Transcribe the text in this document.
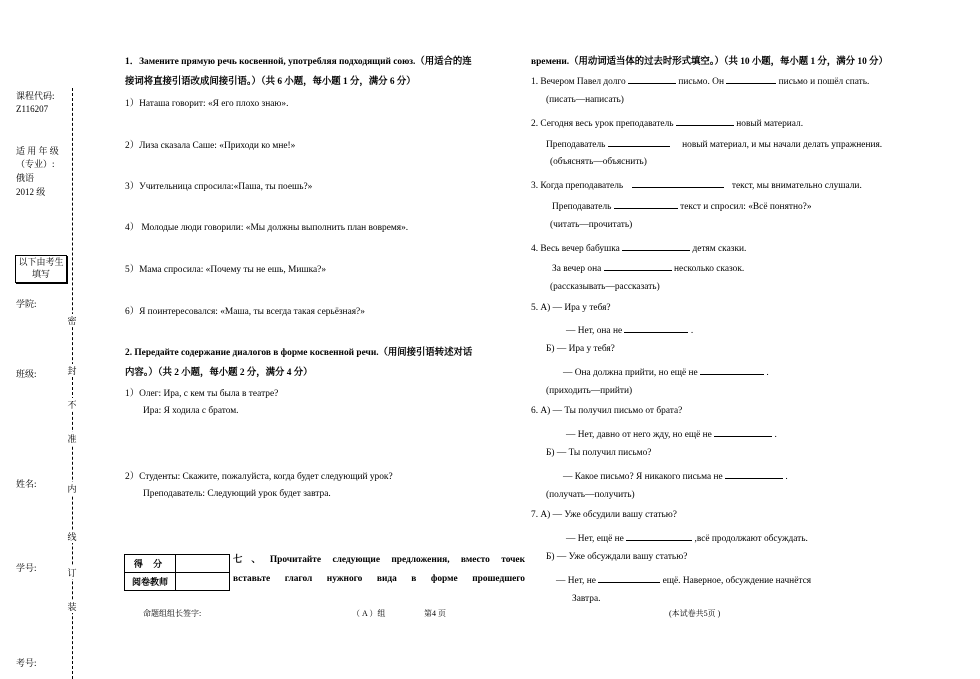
课程代码:
Z116207
适 用 年 级
（专业）:
俄语
2012 级
以下由考生
填写
学院:
班级:
姓名:
学号:
考号:
密
封
不
准
内
线
订
装
1．Замените прямую речь косвенной, употребляя подходящий союз.（用适合的连
接词将直接引语改成间接引语。）（共 6 小题，每小题 1 分，满分 6 分）
1）Наташа говорит: «Я его плохо знаю».
2）Лиза сказала Саше: «Приходи ко мне!»
3）Учительница спросила:«Паша, ты поешь?»
4） Молодые люди говорили: «Мы должны выполнить план вовремя».
5）Мама спросила: «Почему ты не ешь, Мишка?»
6）Я поинтересовался: «Маша, ты всегда такая серьёзная?»
2. Передайте содержание диалогов в форме косвенной речи.（用间接引语转述对话
内容。）（共 2 小题，每小题 2 分，满分 4 分）
1）Олег: Ира, с кем ты была в театре?
Ира: Я ходила с братом.
2）Студенты: Скажите, пожалуйста, когда будет следующий урок?
Преподаватель: Следующий урок будет завтра.
得 分	
阅卷教师	
七、Прочитайте следующие предложения, вместо точек
вставьте глагол нужного вида в форме прошедшего
命题组组长签字:	（ A ）组	第4 页
времени.（用动词适当体的过去时形式填空。）（共 10 小题，每小题 1 分，满分 10 分）
1. Вечером Павел долго	письмо. Он	письмо и пошёл спать.
(писать—написать)
2. Сегодня весь урок преподаватель	новый материал.
Преподаватель	новый материал, и мы начали делать упражнения.
(объяснять—объяснить)
3. Когда преподаватель	текст, мы внимательно слушали.
Преподаватель	текст и спросил: «Всё понятно?»
(читать—прочитать)
4. Весь вечер бабушка	детям сказки.
За вечер она	несколько сказок.
(рассказывать—рассказать)
5. А) — Ира у тебя?
— Нет, она не	.
Б) — Ира у тебя?
— Она должна прийти, но ещё не	.
(приходить—прийти)
6. А) — Ты получил письмо от брата?
— Нет, давно от него жду, но ещё не	.
Б) — Ты получил письмо?
— Какое письмо? Я никакого письма не	.
(получать—получить)
7. А) — Уже обсудили вашу статью?
— Нет, ещё не	,всё продолжают обсуждать.
Б) — Уже обсуждали вашу статью?
— Нет, не	ещё. Наверное, обсуждение начнётся
Завтра.
(本试卷共5页 )
